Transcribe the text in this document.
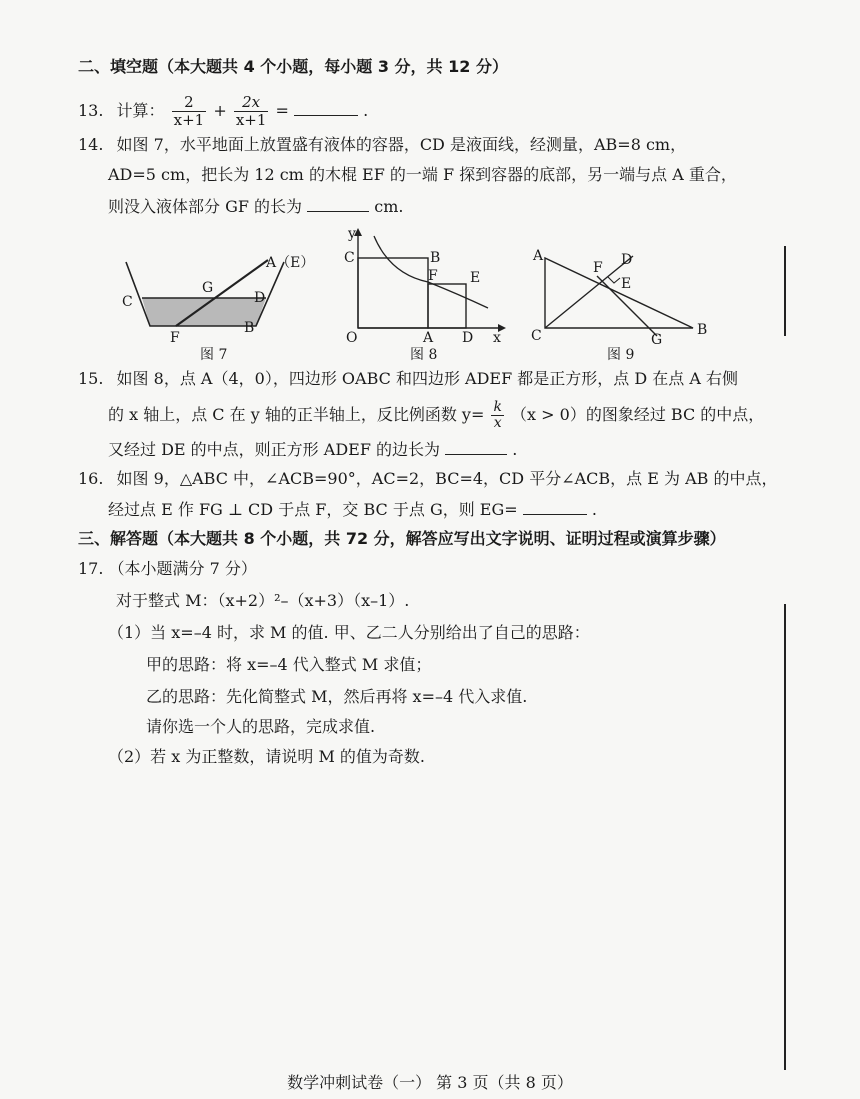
二、填空题（本大题共 4 个小题，每小题 3 分，共 12 分）
13. 计算： $\frac{2}{x+1} + \frac{2x}{x+1}$ =	.
14. 如图 7，水平地面上放置盛有液体的容器，CD 是液面线，经测量，AB=8 cm，
AD=5 cm，把长为 12 cm 的木棍 EF 的一端 F 探到容器的底部，另一端与点 A 重合，
则没入液体部分 GF 的长为	cm.
A（E）
C	D
G
F
B
图 7
y
x
O	A D
C	B
F E
图 8
A
F D
E
C	G
B
图 9
15. 如图 8，点 A（4，0），四边形 OABC 和四边形 ADEF 都是正方形，点 D 在点 A 右侧
的 x 轴上，点 C 在 y 轴的正半轴上，反比例函数 $y= \frac{k}{x} (x > 0)$的图象经过 BC 的中点，
又经过 DE 的中点，则正方形 ADEF 的边长为	.
16. 如图 9，△ABC 中，∠ACB=90°，AC=2，BC=4，CD 平分∠ACB，点 E 为 AB 的中点，
经过点 E 作 FG ⊥ CD 于点 F，交 BC 于点 G，则 EG=	.
三、解答题（本大题共 8 个小题，共 72 分，解答应写出文字说明、证明过程或演算步骤）
17. （本小题满分 7 分）
对于整式 M：（x+2）²–（x+3）（x–1）.
（1）当 x=–4 时，求 M 的值. 甲、乙二人分别给出了自己的思路：
甲的思路：将 x=–4 代入整式 M 求值；
乙的思路：先化简整式 M，然后再将 x=–4 代入求值.
请你选一个人的思路，完成求值.
（2）若 x 为正整数，请说明 M 的值为奇数.
数学冲刺试卷（一） 第 3 页（共 8 页）
